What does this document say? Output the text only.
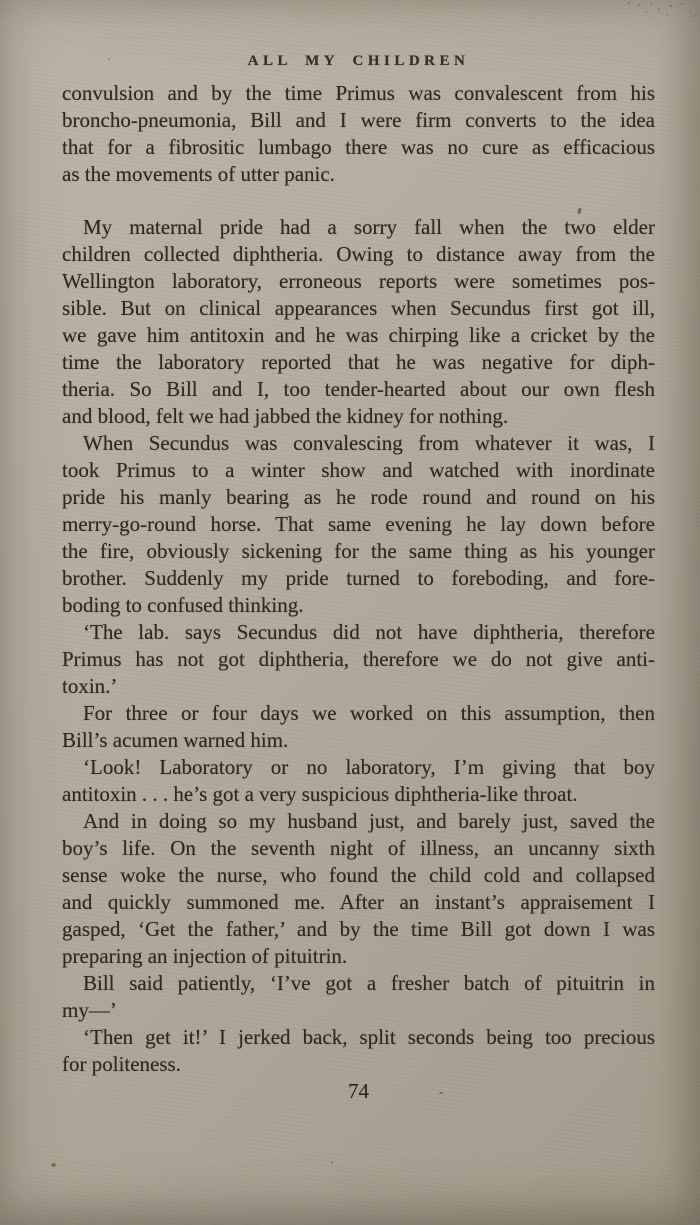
ALL MY CHILDREN
convulsion and by the time Primus was convalescent from his
broncho-pneumonia, Bill and I were firm converts to the idea
that for a fibrositic lumbago there was no cure as efficacious
as the movements of utter panic.
My maternal pride had a sorry fall when the two elder
children collected diphtheria. Owing to distance away from the
Wellington laboratory, erroneous reports were sometimes pos-
sible. But on clinical appearances when Secundus first got ill,
we gave him antitoxin and he was chirping like a cricket by the
time the laboratory reported that he was negative for diph-
theria. So Bill and I, too tender-hearted about our own flesh
and blood, felt we had jabbed the kidney for nothing.
When Secundus was convalescing from whatever it was, I
took Primus to a winter show and watched with inordinate
pride his manly bearing as he rode round and round on his
merry-go-round horse. That same evening he lay down before
the fire, obviously sickening for the same thing as his younger
brother. Suddenly my pride turned to foreboding, and fore-
boding to confused thinking.
‘The lab. says Secundus did not have diphtheria, therefore
Primus has not got diphtheria, therefore we do not give anti-
toxin.’
For three or four days we worked on this assumption, then
Bill’s acumen warned him.
‘Look! Laboratory or no laboratory, I’m giving that boy
antitoxin . . . he’s got a very suspicious diphtheria-like throat.
And in doing so my husband just, and barely just, saved the
boy’s life. On the seventh night of illness, an uncanny sixth
sense woke the nurse, who found the child cold and collapsed
and quickly summoned me. After an instant’s appraisement I
gasped, ‘Get the father,’ and by the time Bill got down I was
preparing an injection of pituitrin.
Bill said patiently, ‘I’ve got a fresher batch of pituitrin in
my—’
‘Then get it!’ I jerked back, split seconds being too precious
for politeness.
74
